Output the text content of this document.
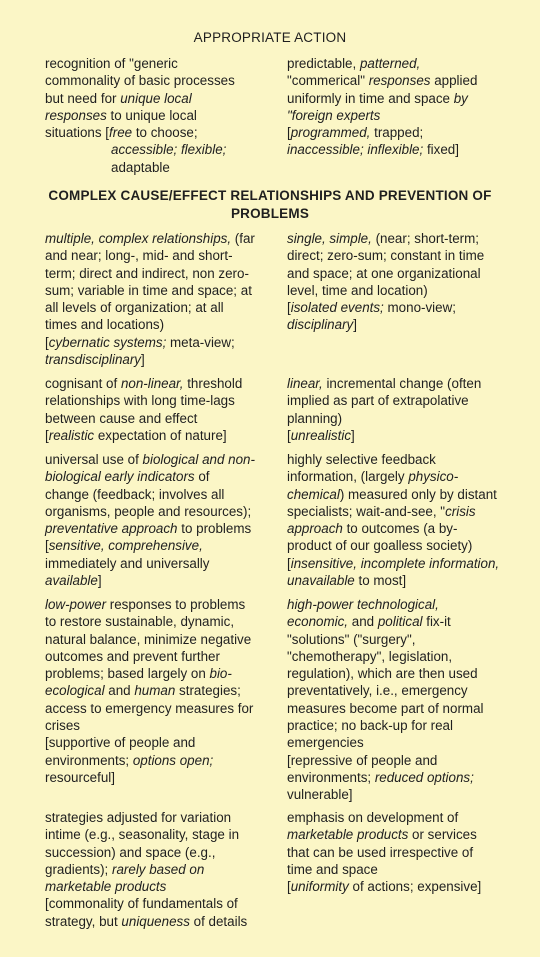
APPROPRIATE ACTION

recognition of "generic
commonality of basic processes
but need for unique local
responses to unique local
situations [free to choose;
accessible; flexible;
adaptable
predictable, patterned,
"commerical" responses applied
uniformly in time and space by
"foreign experts
[programmed, trapped;
inaccessible; inflexible; fixed]

COMPLEX CAUSE/EFFECT RELATIONSHIPS AND PREVENTION OF PROBLEMS

multiple, complex relationships, (far
and near; long-, mid- and short-
term; direct and indirect, non zero-
sum; variable in time and space; at
all levels of organization; at all
times and locations)
[cybernatic systems; meta-view;
transdisciplinary]
single, simple, (near; short-term;
direct; zero-sum; constant in time
and space; at one organizational
level, time and location)
[isolated events; mono-view;
disciplinary]
cognisant of non-linear, threshold
relationships with long time-lags
between cause and effect
[realistic expectation of nature]
linear, incremental change (often
implied as part of extrapolative
planning)
[unrealistic]
universal use of biological and non-
biological early indicators of
change (feedback; involves all
organisms, people and resources);
preventative approach to problems
[sensitive, comprehensive,
immediately and universally
available]
highly selective feedback
information, (largely physico-
chemical) measured only by distant
specialists; wait-and-see, "crisis
approach to outcomes (a by-
product of our goalless society)
[insensitive, incomplete information,
unavailable to most]
low-power responses to problems
to restore sustainable, dynamic,
natural balance, minimize negative
outcomes and prevent further
problems; based largely on bio-
ecological and human strategies;
access to emergency measures for
crises
[supportive of people and
environments; options open;
resourceful]
high-power technological,
economic, and political fix-it
"solutions" ("surgery",
"chemotherapy", legislation,
regulation), which are then used
preventatively, i.e., emergency
measures become part of normal
practice; no back-up for real
emergencies
[repressive of people and
environments; reduced options;
vulnerable]
strategies adjusted for variation
intime (e.g., seasonality, stage in
succession) and space (e.g.,
gradients); rarely based on
marketable products
[commonality of fundamentals of
strategy, but uniqueness of details
emphasis on development of
marketable products or services
that can be used irrespective of
time and space
[uniformity of actions; expensive]
